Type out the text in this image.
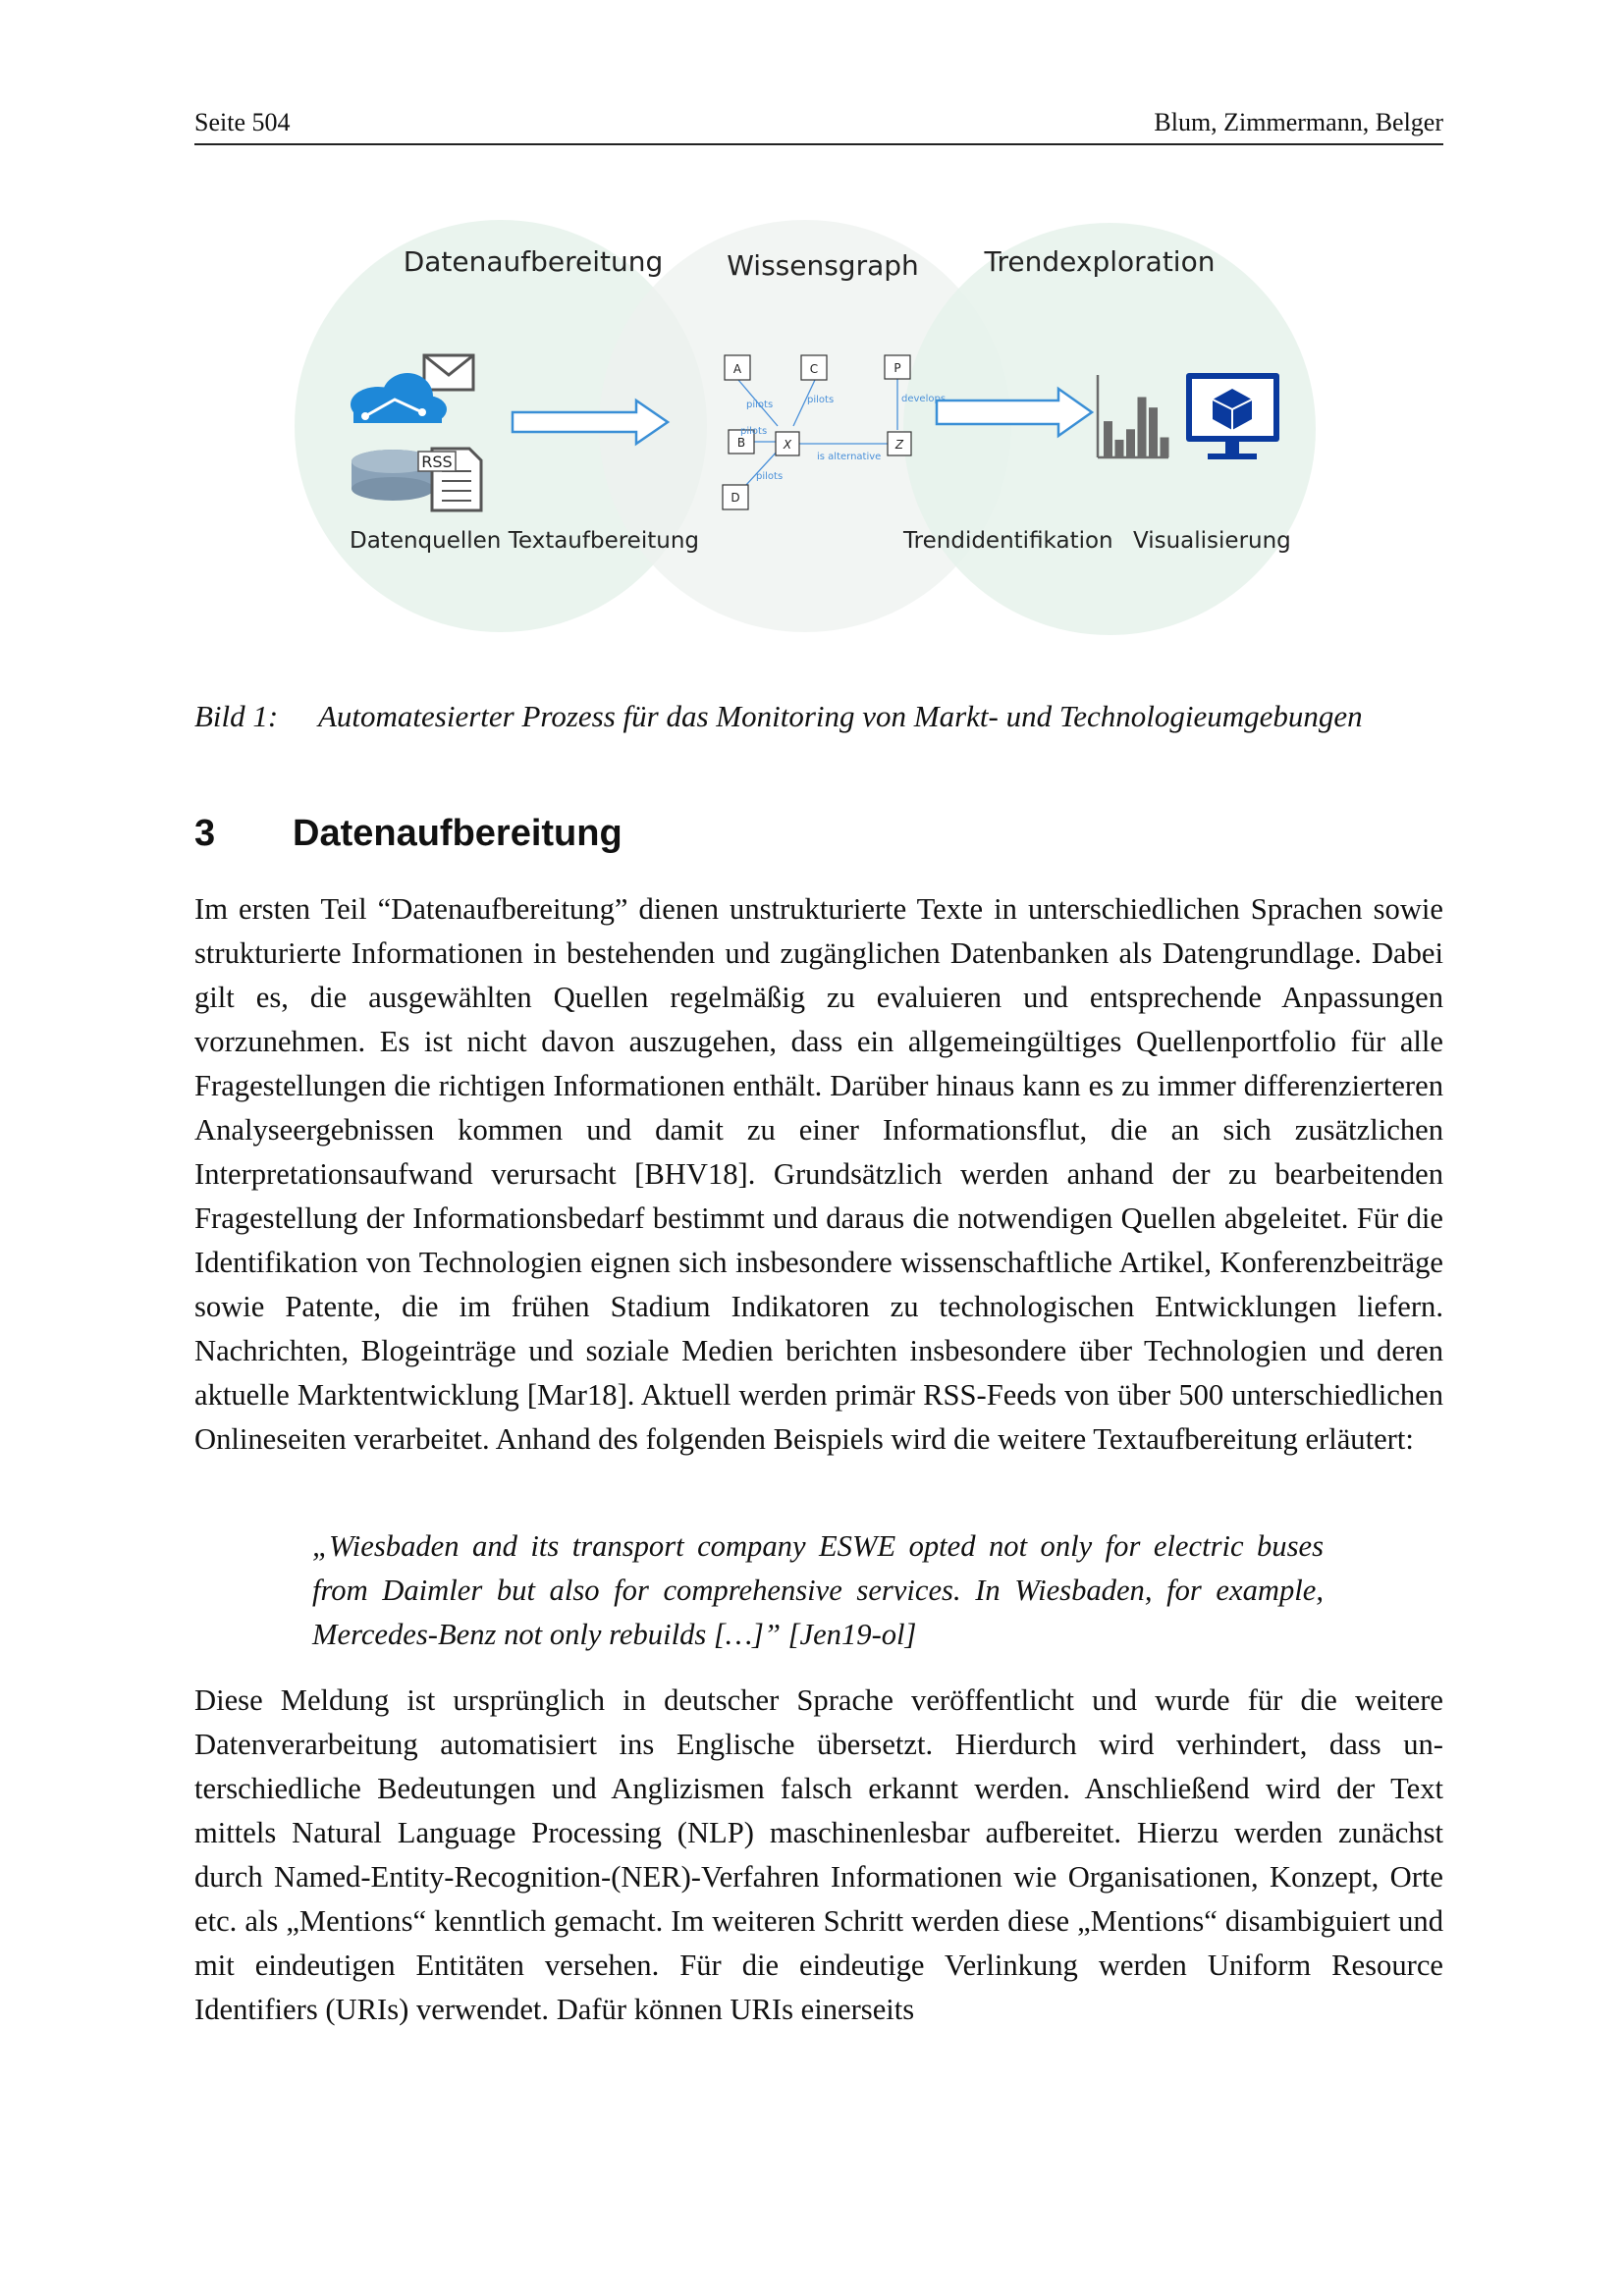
Seite 504	Blum, Zimmermann, Belger
Datenaufbereitung Wissensgraph Trendexploration
RSS
A
B
C
D
X
P
Z
pilots
pilots
pilots
pilots
develops
is alternative
Datenquellen Textaufbereitung	Trendidentifikation Visualisierung
Bild 1: Automatesierter Prozess für das Monitoring von Markt- und Technologieumgebungen
3 Datenaufbereitung
Im ersten Teil “Datenaufbereitung” dienen unstrukturierte Texte in unterschiedlichen Sprachen sowie strukturierte Informationen in bestehenden und zugänglichen Datenbanken als Datengrundlage. Dabei gilt es, die ausgewählten Quellen regelmäßig zu evaluieren und entsprechende Anpassungen vorzunehmen. Es ist nicht davon auszugehen, dass ein allgemeingültiges Quellenportfolio für alle Fragestellungen die richtigen Informationen enthält. Darüber hinaus kann es zu immer differenzierteren Analyseergebnissen kommen und damit zu einer Informationsflut, die an sich zusätzlichen Interpretationsaufwand verursacht [BHV18]. Grundsätzlich werden anhand der zu bearbeitenden Fragestellung der Informationsbedarf bestimmt und daraus die notwendigen Quellen abgeleitet. Für die Identifikation von Technologien eignen sich insbesondere wissenschaftliche Artikel, Konferenzbeiträge sowie Patente, die im frühen Stadium Indikatoren zu technologischen Entwicklungen liefern. Nachrichten, Blogeinträge und soziale Medien berichten insbesondere über Technologien und deren aktuelle Marktentwicklung [Mar18]. Aktuell werden primär RSS-Feeds von über 500 unterschiedlichen Onlineseiten verarbeitet. Anhand des folgenden Beispiels wird die weitere Textaufbereitung erläutert:
„Wiesbaden and its transport company ESWE opted not only for electric buses from Daimler but also for comprehensive services. In Wiesbaden, for example, Mercedes-Benz not only rebuilds […]” [Jen19-ol]
Diese Meldung ist ursprünglich in deutscher Sprache veröffentlicht und wurde für die weitere Datenverarbeitung automatisiert ins Englische übersetzt. Hierdurch wird verhindert, dass unterschiedliche Bedeutungen und Anglizismen falsch erkannt werden. Anschließend wird der Text mittels Natural Language Processing (NLP) maschinenlesbar aufbereitet. Hierzu werden zunächst durch Named-Entity-Recognition-(NER)-Verfahren Informationen wie Organisationen, Konzept, Orte etc. als „Mentions“ kenntlich gemacht. Im weiteren Schritt werden diese „Mentions“ disambiguiert und mit eindeutigen Entitäten versehen. Für die eindeutige Verlinkung werden Uniform Resource Identifiers (URIs) verwendet. Dafür können URIs einerseits
